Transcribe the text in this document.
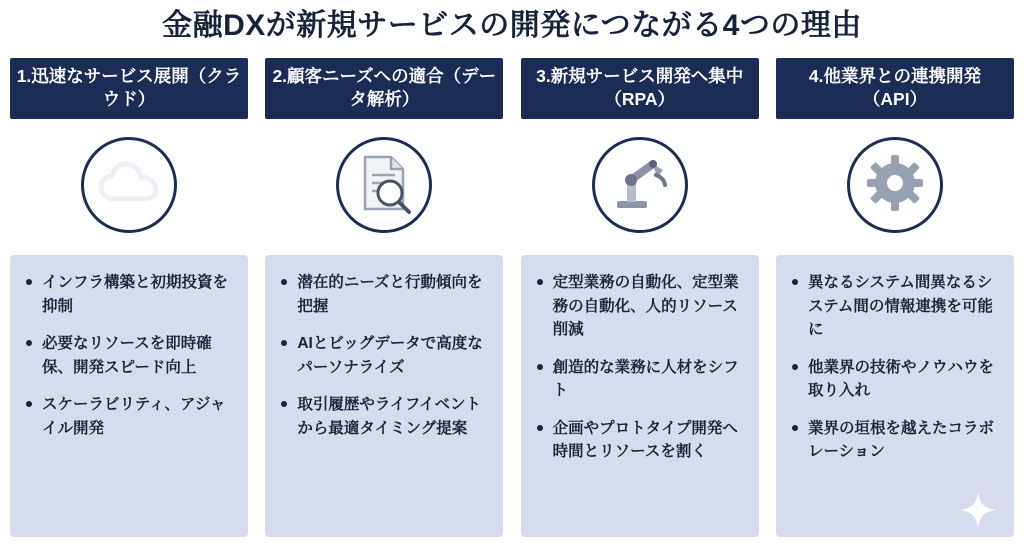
金融DXが新規サービスの開発につながる4つの理由
1.迅速なサービス展開（クラウド）
インフラ構築と初期投資を抑制
必要なリソースを即時確保、開発スピード向上
スケーラビリティ、アジャイル開発
2.顧客ニーズへの適合（データ解析）
潜在的ニーズと行動傾向を把握
AIとビッグデータで高度なパーソナライズ
取引履歴やライフイベントから最適タイミング提案
3.新規サービス開発へ集中（RPA）
定型業務の自動化、定型業務の自動化、人的リソース削減
創造的な業務に人材をシフト
企画やプロトタイプ開発へ時間とリソースを割く
4.他業界との連携開発（API）
異なるシステム間異なるシステム間の情報連携を可能に
他業界の技術やノウハウを取り入れ
業界の垣根を越えたコラボレーション
